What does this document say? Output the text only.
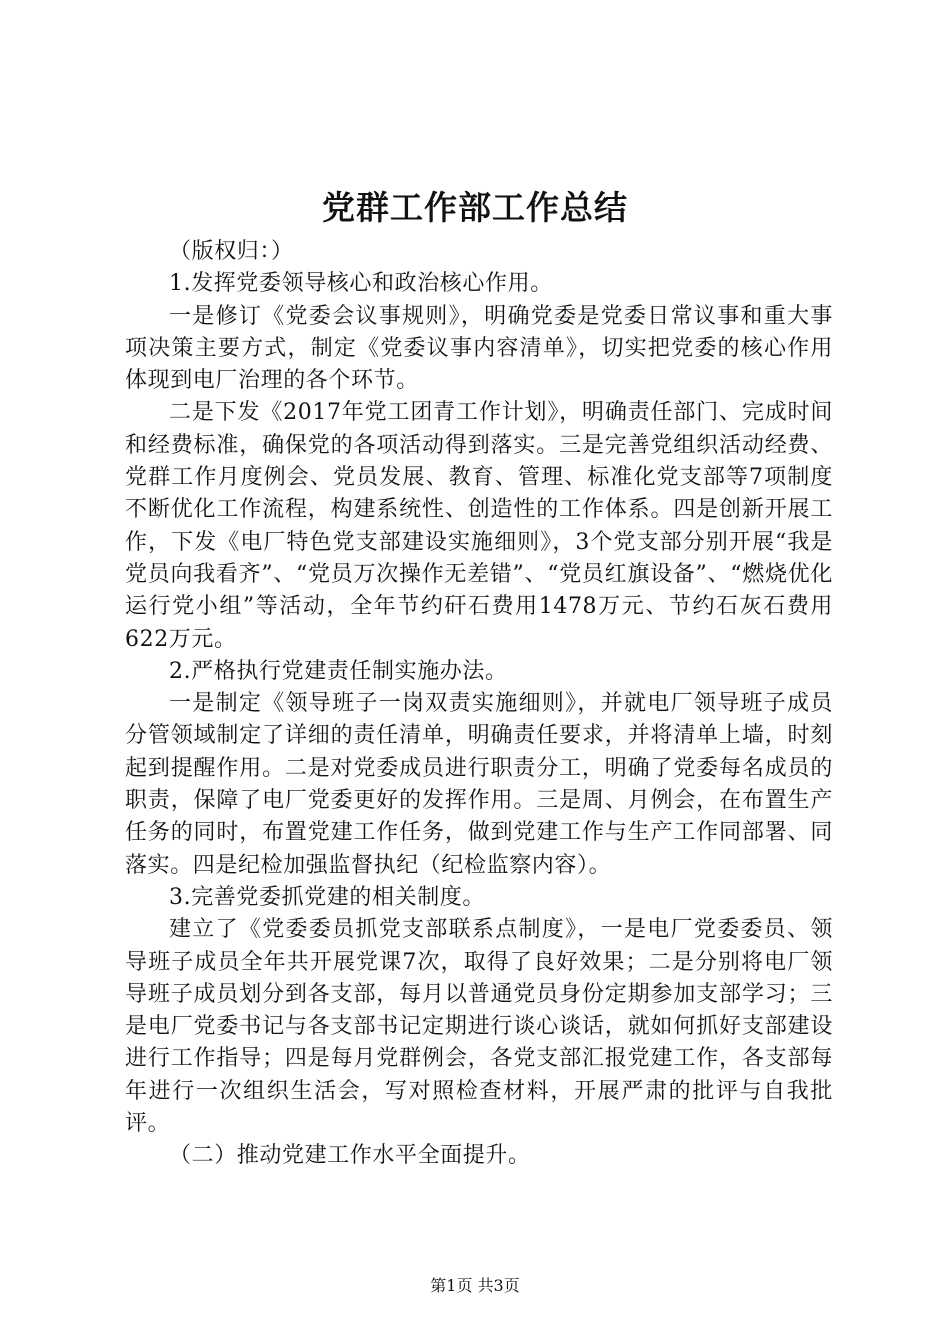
党群工作部工作总结

（版权归：）

1.发挥党委领导核心和政治核心作用。

一是修订《党委会议事规则》，明确党委是党委日常议事和重大事项决策主要方式，制定《党委议事内容清单》，切实把党委的核心作用体现到电厂治理的各个环节。

二是下发《2017年党工团青工作计划》，明确责任部门、完成时间和经费标准，确保党的各项活动得到落实。三是完善党组织活动经费、党群工作月度例会、党员发展、教育、管理、标准化党支部等7项制度不断优化工作流程，构建系统性、创造性的工作体系。四是创新开展工作，下发《电厂特色党支部建设实施细则》，3个党支部分别开展“我是党员向我看齐”、“党员万次操作无差错”、“党员红旗设备”、“燃烧优化运行党小组”等活动，全年节约矸石费用1478万元、节约石灰石费用622万元。

2.严格执行党建责任制实施办法。

一是制定《领导班子一岗双责实施细则》，并就电厂领导班子成员分管领域制定了详细的责任清单，明确责任要求，并将清单上墙，时刻起到提醒作用。二是对党委成员进行职责分工，明确了党委每名成员的职责，保障了电厂党委更好的发挥作用。三是周、月例会，在布置生产任务的同时，布置党建工作任务，做到党建工作与生产工作同部署、同落实。四是纪检加强监督执纪（纪检监察内容）。

3.完善党委抓党建的相关制度。

建立了《党委委员抓党支部联系点制度》，一是电厂党委委员、领导班子成员全年共开展党课7次，取得了良好效果；二是分别将电厂领导班子成员划分到各支部，每月以普通党员身份定期参加支部学习；三是电厂党委书记与各支部书记定期进行谈心谈话，就如何抓好支部建设进行工作指导；四是每月党群例会，各党支部汇报党建工作，各支部每年进行一次组织生活会，写对照检查材料，开展严肃的批评与自我批评。

（二）推动党建工作水平全面提升。

第1页 共3页
